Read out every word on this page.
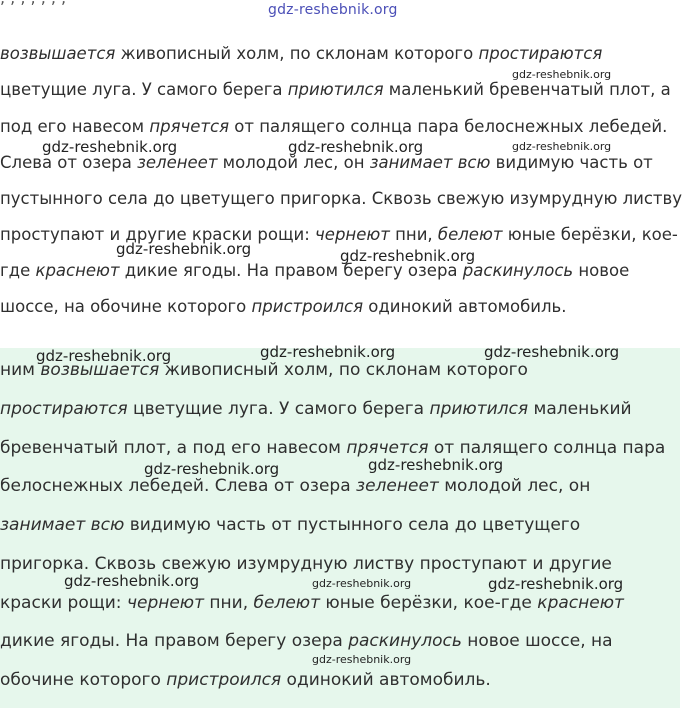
возвышается живописный холм, по склонам которого простираются
цветущие луга. У самого берега приютился маленький бревенчатый плот, а
под его навесом прячется от палящего солнца пара белоснежных лебедей.
Слева от озера зеленеет молодой лес, он занимает всю видимую часть от
пустынного села до цветущего пригорка. Сквозь свежую изумрудную листву
проступают и другие краски рощи: чернеют пни, белеют юные берёзки, кое-
где краснеют дикие ягоды. На правом берегу озера раскинулось новое
шоссе, на обочине которого пристроился одинокий автомобиль.
ним возвышается живописный холм, по склонам которого
простираются цветущие луга. У самого берега приютился маленький
бревенчатый плот, а под его навесом прячется от палящего солнца пара
белоснежных лебедей. Слева от озера зеленеет молодой лес, он
занимает всю видимую часть от пустынного села до цветущего
пригорка. Сквозь свежую изумрудную листву проступают и другие
краски рощи: чернеют пни, белеют юные берёзки, кое-где краснеют
дикие ягоды. На правом берегу озера раскинулось новое шоссе, на
обочине которого пристроился одинокий автомобиль.
gdz-reshebnik.org
gdz-reshebnik.org
gdz-reshebnik.org	gdz-reshebnik.org	gdz-reshebnik.org
gdz-reshebnik.org	gdz-reshebnik.org
gdz-reshebnik.org	gdz-reshebnik.org	gdz-reshebnik.org
gdz-reshebnik.org	gdz-reshebnik.org
gdz-reshebnik.org	gdz-reshebnik.org	gdz-reshebnik.org
gdz-reshebnik.org
